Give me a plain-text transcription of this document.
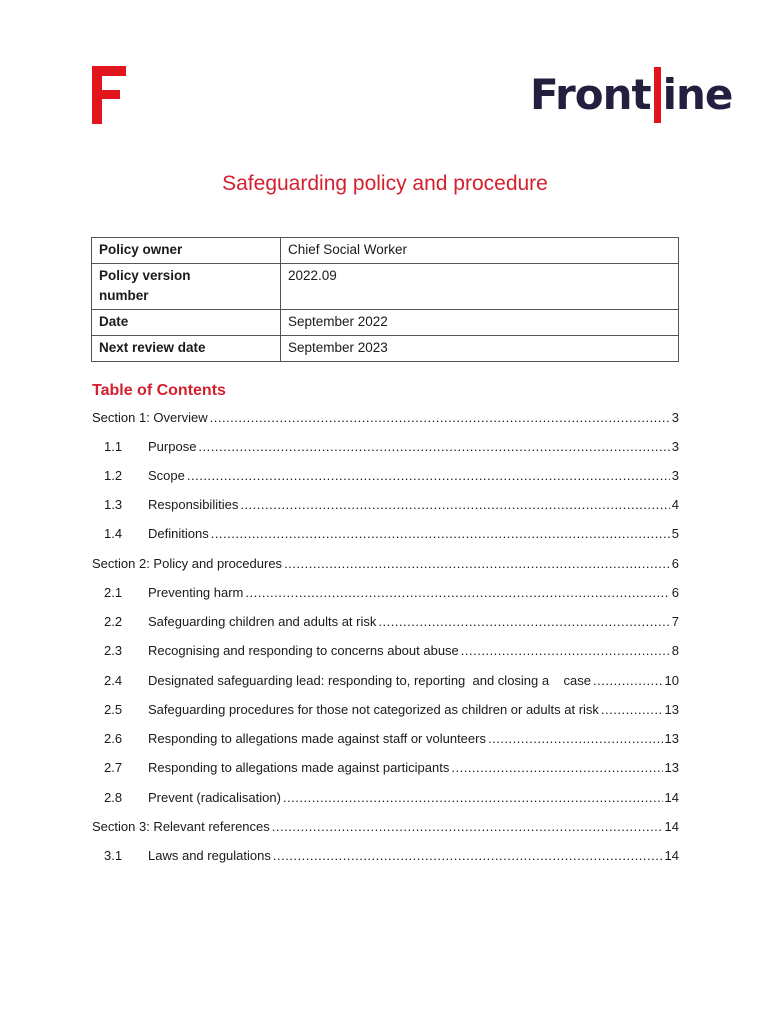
Front ine
Safeguarding policy and procedure
Policy owner	Chief Social Worker
Policy version number	2022.09
Date	September 2022
Next review date	September 2023
Table of Contents
Section 1: Overview .....	3
1.1	Purpose .....	3
1.2	Scope .....	3
1.3	Responsibilities .....	4
1.4	Definitions .....	5
Section 2: Policy and procedures .....	6
2.1	Preventing harm .....	6
2.2	Safeguarding children and adults at risk .....	7
2.3	Recognising and responding to concerns about abuse .....	8
2.4	Designated safeguarding lead: responding to, reporting  and closing a    case .....	10
2.5	Safeguarding procedures for those not categorized as children or adults at risk .....	13
2.6	Responding to allegations made against staff or volunteers .....	13
2.7	Responding to allegations made against participants .....	13
2.8	Prevent (radicalisation) .....	14
Section 3: Relevant references .....	14
3.1	Laws and regulations .....	14
